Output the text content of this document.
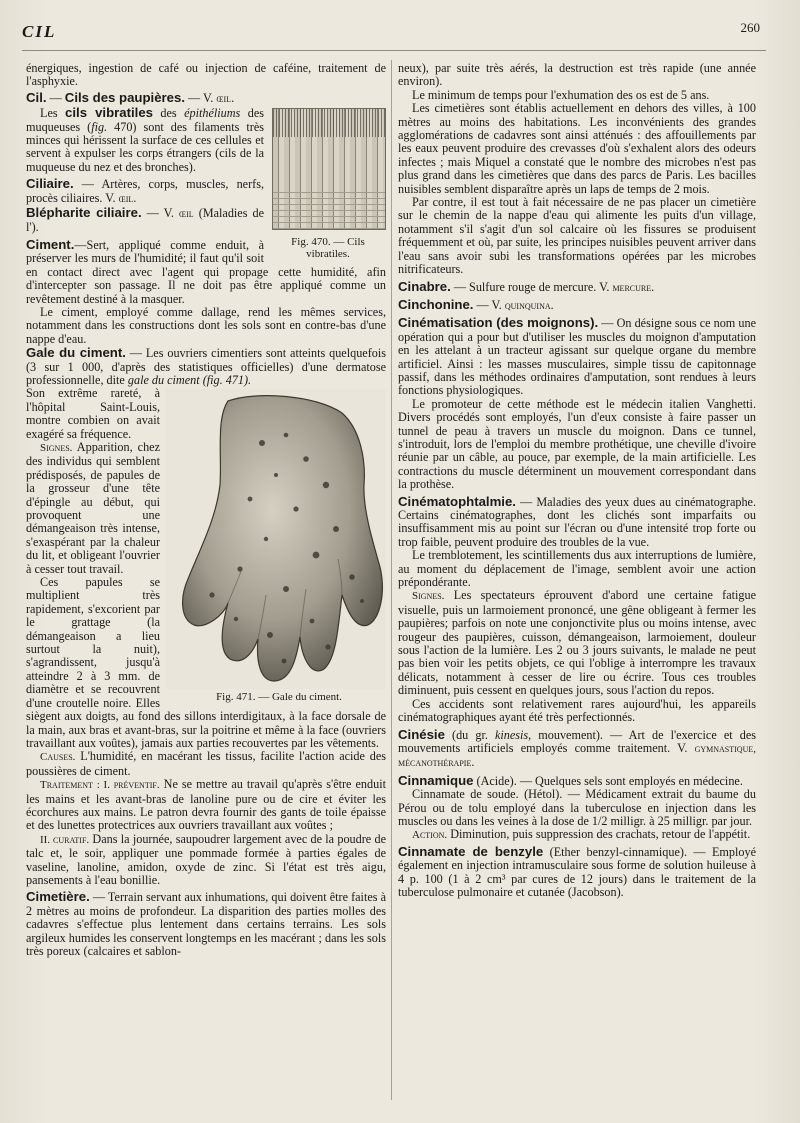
CIL	260

énergiques, ingestion de café ou injection de caféine, traitement de l'asphyxie.

Cil. — Cils des paupières. — V. œil.

Fig. 470. — Cils vibratiles.

Les cils vibratiles des épithéliums des muqueuses (fig. 470) sont des filaments très minces qui hérissent la surface de ces cellules et servent à expulser les corps étrangers (cils de la muqueuse du nez et des bronches).

Ciliaire. — Artères, corps, muscles, nerfs, procès ciliaires. V. œil.

Blépharite ciliaire. — V. œil (Maladies de l').

Ciment.—Sert, appliqué comme enduit, à préserver les murs de l'humidité; il faut qu'il soit en contact direct avec l'agent qui propage cette humidité, afin d'intercepter son passage. Il ne doit pas être appliqué comme un revêtement destiné à la masquer.

Le ciment, employé comme dallage, rend les mêmes services, notamment dans les constructions dont les sols sont en contre-bas d'une nappe d'eau.

Gale du ciment. — Les ouvriers cimentiers sont atteints quelquefois (3 sur 1 000, d'après des statistiques officielles) d'une dermatose professionnelle, dite gale du ciment (fig. 471).

Fig. 471. — Gale du ciment.

Son extrême rareté, à l'hôpital Saint-Louis, montre combien on avait exagéré sa fréquence.

Signes. Apparition, chez des individus qui semblent prédisposés, de papules de la grosseur d'une tête d'épingle au début, qui provoquent une démangeaison très intense, s'exaspérant par la chaleur du lit, et obligeant l'ouvrier à cesser tout travail.

Ces papules se multiplient très rapidement, s'excorient par le grattage (la démangeaison a lieu surtout la nuit), s'agrandissent, jusqu'à atteindre 2 à 3 mm. de diamètre et se recouvrent d'une croutelle noire. Elles siègent aux doigts, au fond des sillons interdigitaux, à la face dorsale de la main, aux bras et avant-bras, sur la poitrine et même à la face (ouvriers travaillant aux voûtes), jamais aux parties recouvertes par les vêtements.

Causes. L'humidité, en macérant les tissus, facilite l'action acide des poussières de ciment.

Traitement : I. préventif. Ne se mettre au travail qu'après s'être enduit les mains et les avant-bras de lanoline pure ou de cire et éviter les écorchures aux mains. Le patron devra fournir des gants de toile épaisse et des lunettes protectrices aux ouvriers travaillant aux voûtes ;

II. curatif. Dans la journée, saupoudrer largement avec de la poudre de talc et, le soir, appliquer une pommade formée à parties égales de vaseline, lanoline, amidon, oxyde de zinc. Si l'état est très aigu, pansements à l'eau bonillie.

Cimetière. — Terrain servant aux inhumations, qui doivent être faites à 2 mètres au moins de profondeur. La disparition des parties molles des cadavres s'effectue plus lentement dans certains terrains. Les sols argileux humides les conservent longtemps en les macérant ; dans les sols très poreux (calcaires et sablon-

neux), par suite très aérés, la destruction est très rapide (une année environ).

Le minimum de temps pour l'exhumation des os est de 5 ans.

Les cimetières sont établis actuellement en dehors des villes, à 100 mètres au moins des habitations. Les inconvénients des grandes agglomérations de cadavres sont ainsi atténués : des affouillements par les eaux peuvent produire des crevasses d'où s'exhalent alors des odeurs infectes ; mais Miquel a constaté que le nombre des microbes n'est pas plus grand dans les cimetières que dans des parcs de Paris. Les bacilles nuisibles semblent disparaître après un laps de temps de 2 mois.

Par contre, il est tout à fait nécessaire de ne pas placer un cimetière sur le chemin de la nappe d'eau qui alimente les puits d'un village, notamment s'il s'agit d'un sol calcaire où les fissures se produisent fréquemment et où, par suite, les principes nuisibles peuvent arriver dans l'eau sans avoir subi les transformations opérées par les microbes nitrificateurs.

Cinabre. — Sulfure rouge de mercure. V. mercure.

Cinchonine. — V. quinquina.

Cinématisation (des moignons). — On désigne sous ce nom une opération qui a pour but d'utiliser les muscles du moignon d'amputation en les attelant à un tracteur agissant sur quelque organe du membre artificiel. Ainsi : les masses musculaires, simple tissu de capitonnage passif, dans les méthodes ordinaires d'amputation, sont rendues à leurs fonctions physiologiques.

Le promoteur de cette méthode est le médecin italien Vanghetti. Divers procédés sont employés, l'un d'eux consiste à faire passer un tunnel de peau à travers un muscle du moignon. Dans ce tunnel, s'introduit, lors de l'emploi du membre prothétique, une cheville d'ivoire réunie par un câble, au pouce, par exemple, de la main artificielle. Les contractions du muscle déterminent un mouvement correspondant dans la prothèse.

Cinématophtalmie. — Maladies des yeux dues au cinématographe. Certains cinématographes, dont les clichés sont imparfaits ou insuffisamment mis au point sur l'écran ou d'une intensité trop forte ou trop faible, peuvent produire des troubles de la vue.

Le tremblotement, les scintillements dus aux interruptions de lumière, au moment du déplacement de l'image, semblent avoir une action prépondérante.

Signes. Les spectateurs éprouvent d'abord une certaine fatigue visuelle, puis un larmoiement prononcé, une gêne obligeant à fermer les paupières; parfois on note une conjonctivite plus ou moins intense, avec rougeur des paupières, cuisson, démangeaison, larmoiement, douleur sous l'action de la lumière. Les 2 ou 3 jours suivants, le malade ne peut pas bien voir les petits objets, ce qui l'oblige à interrompre les travaux délicats, notamment à cesser de lire ou écrire. Tous ces troubles diminuent, puis cessent en quelques jours, sous l'action du repos.

Ces accidents sont relativement rares aujourd'hui, les appareils cinématographiques ayant été très perfectionnés.

Cinésie (du gr. kinesis, mouvement). — Art de l'exercice et des mouvements artificiels employés comme traitement. V. gymnastique, mécanothérapie.

Cinnamique (Acide). — Quelques sels sont employés en médecine.

Cinnamate de soude. (Hétol). — Médicament extrait du baume du Pérou ou de tolu employé dans la tuberculose en injection dans les muscles ou dans les veines à la dose de 1/2 milligr. à 25 milligr. par jour.

Action. Diminution, puis suppression des crachats, retour de l'appétit.

Cinnamate de benzyle (Ether benzyl-cinnamique). — Employé également en injection intramusculaire sous forme de solution huileuse à 4 p. 100 (1 à 2 cm³ par cures de 12 jours) dans le traitement de la tuberculose pulmonaire et cutanée (Jacobson).
